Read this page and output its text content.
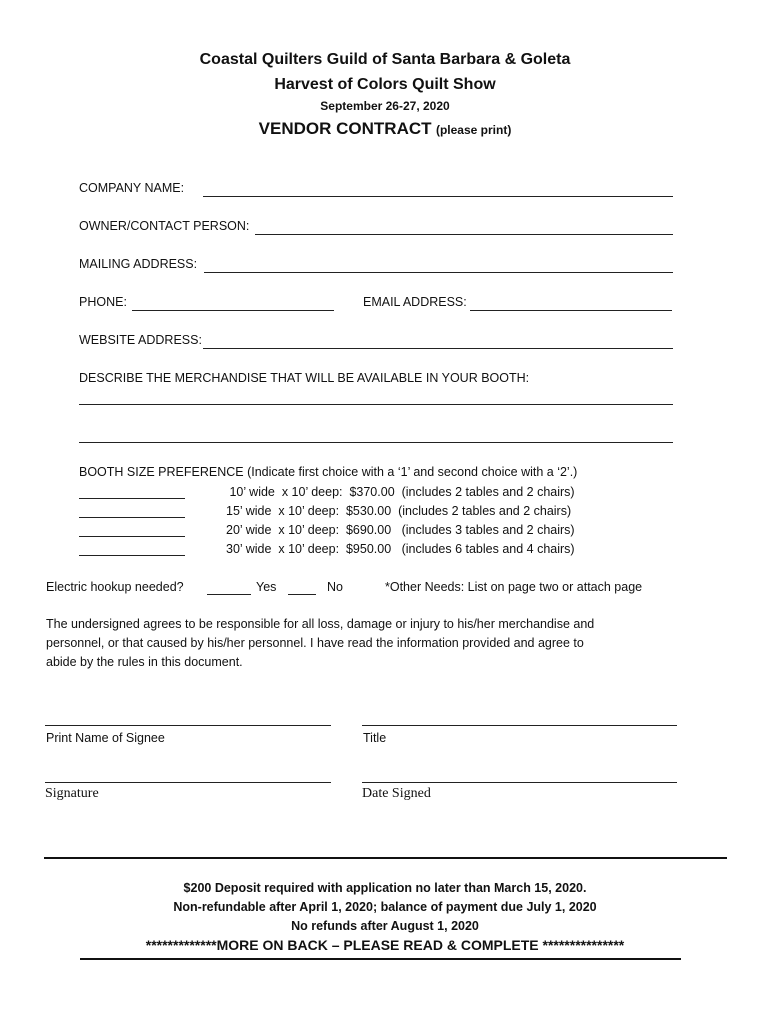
Coastal Quilters Guild of Santa Barbara & Goleta
Harvest of Colors Quilt Show
September 26-27, 2020
VENDOR CONTRACT (please print)
COMPANY NAME:
OWNER/CONTACT PERSON:
MAILING ADDRESS:
PHONE:	EMAIL ADDRESS:
WEBSITE ADDRESS:
DESCRIBE THE MERCHANDISE THAT WILL BE AVAILABLE IN YOUR BOOTH:
BOOTH SIZE PREFERENCE (Indicate first choice with a ‘1’ and second choice with a ‘2’.)
10’ wide  x 10’ deep:  $370.00  (includes 2 tables and 2 chairs)
15’ wide  x 10’ deep:  $530.00  (includes 2 tables and 2 chairs)
20’ wide  x 10’ deep:  $690.00   (includes 3 tables and 2 chairs)
30’ wide  x 10’ deep:  $950.00   (includes 6 tables and 4 chairs)
Electric hookup needed?	Yes	No	*Other Needs: List on page two or attach page
The undersigned agrees to be responsible for all loss, damage or injury to his/her merchandise and
personnel, or that caused by his/her personnel. I have read the information provided and agree to
abide by the rules in this document.
Print Name of Signee	Title
Signature	Date Signed
$200 Deposit required with application no later than March 15, 2020.
Non-refundable after April 1, 2020; balance of payment due July 1, 2020
No refunds after August 1, 2020
*************MORE ON BACK – PLEASE READ & COMPLETE ***************
